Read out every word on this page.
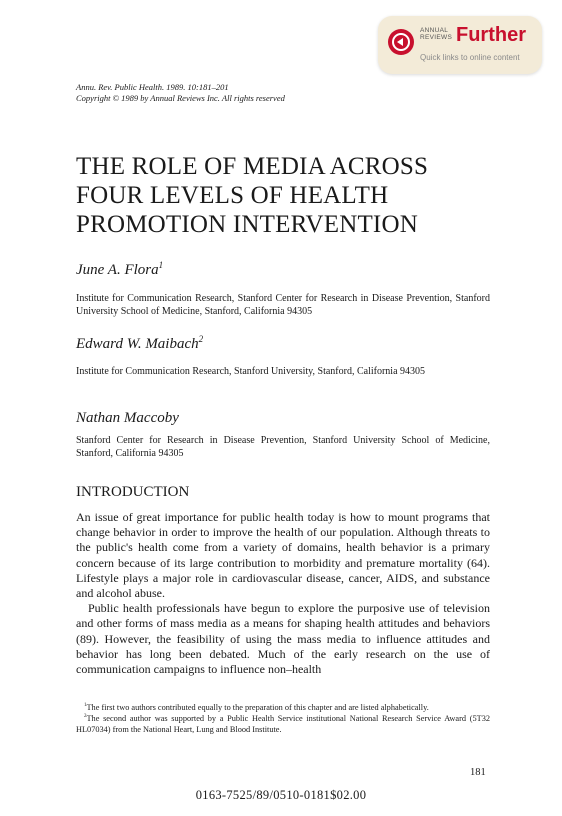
ANNUAL
REVIEWS Further
Quick links to online content
Annu. Rev. Public Health. 1989. 10:181–201
Copyright © 1989 by Annual Reviews Inc. All rights reserved
THE ROLE OF MEDIA ACROSS
FOUR LEVELS OF HEALTH
PROMOTION INTERVENTION
June A. Flora$^1$
Institute for Communication Research, Stanford Center for Research in Disease Prevention, Stanford University School of Medicine, Stanford, California 94305
Edward W. Maibach$^2$
Institute for Communication Research, Stanford University, Stanford, California 94305
Nathan Maccoby
Stanford Center for Research in Disease Prevention, Stanford University School of Medicine, Stanford, California 94305
INTRODUCTION

An issue of great importance for public health today is how to mount programs that change behavior in order to improve the health of our population. Although threats to the public's health come from a variety of domains, health behavior is a primary concern because of its large contribution to morbidity and premature mortality (64). Lifestyle plays a major role in cardiovascular disease, cancer, AIDS, and substance and alcohol abuse.

Public health professionals have begun to explore the purposive use of television and other forms of mass media as a means for shaping health attitudes and behaviors (89). However, the feasibility of using the mass media to influence attitudes and behavior has long been debated. Much of the early research on the use of communication campaigns to influence non–health

$^1$The first two authors contributed equally to the preparation of this chapter and are listed alphabetically.

$^2$The second author was supported by a Public Health Service institutional National Research Service Award (5T32 HL07034) from the National Heart, Lung and Blood Institute.

181
0163-7525/89/0510-0181$02.00
